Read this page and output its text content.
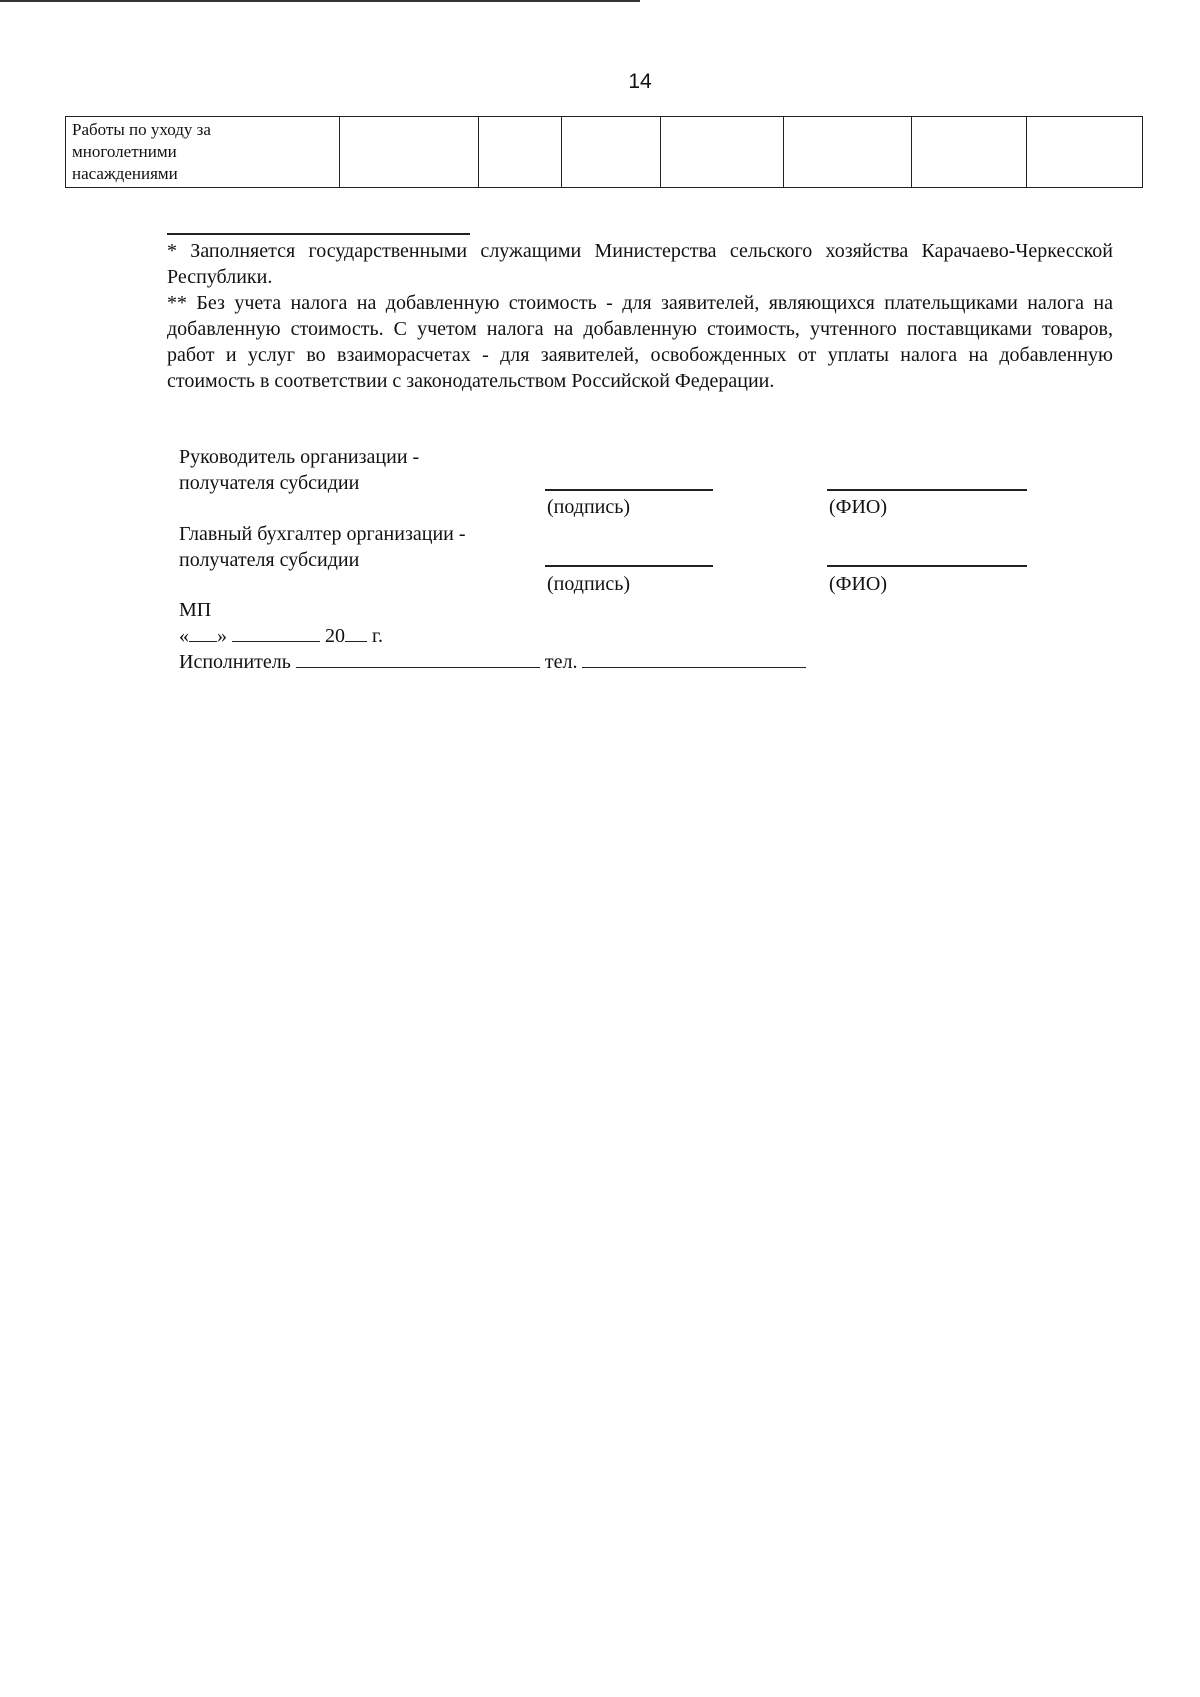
14
Работы по уходу за
многолетними
насаждениями

* Заполняется государственными служащими Министерства сельского хозяйства Карачаево-Черкесской Республики.

** Без учета налога на добавленную стоимость - для заявителей, являющихся плательщиками налога на добавленную стоимость. С учетом налога на добавленную стоимость, учтенного поставщиками товаров, работ и услуг во взаиморасчетах - для заявителей, освобожденных от уплаты налога на добавленную стоимость в соответствии с законодательством Российской Федерации.

Руководитель организации -
получателя субсидии
(подпись)	(ФИО)
Главный бухгалтер организации -
получателя субсидии
(подпись)	(ФИО)
МП
« »	20 г.
Исполнитель	тел.
